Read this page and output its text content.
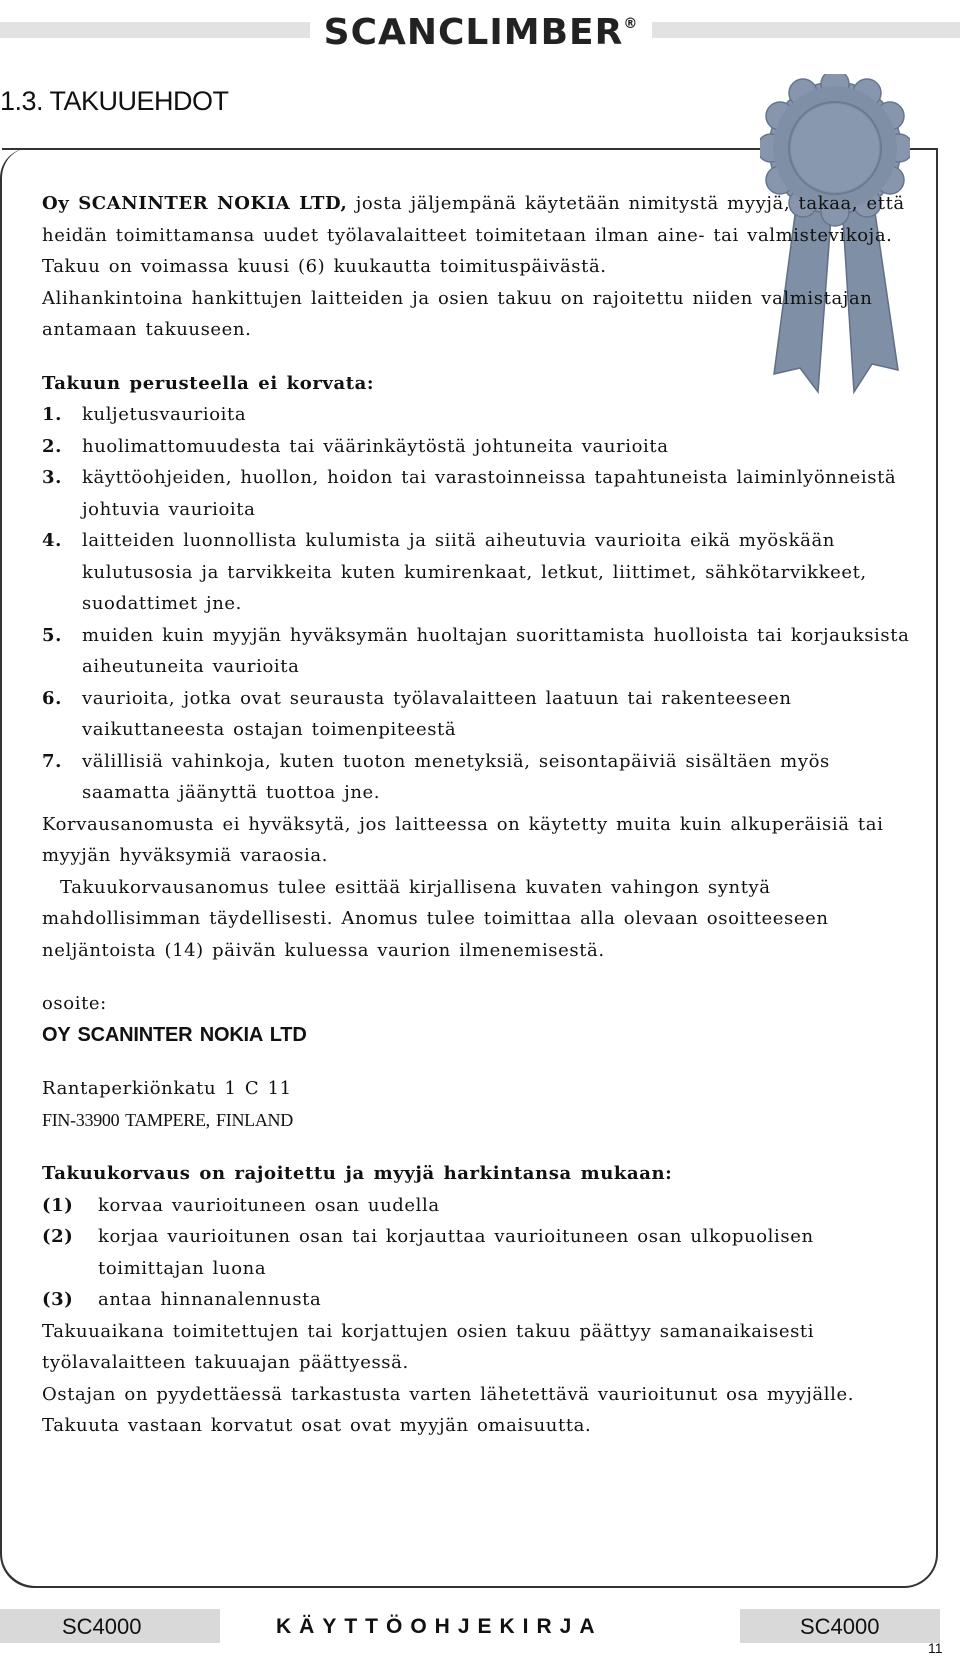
SCANCLIMBER®
1.3. TAKUUEHDOT

Oy SCANINTER NOKIA LTD, josta jäljempänä käytetään nimitystä myyjä, takaa, että heidän toimittamansa uudet työlavalaitteet toimitetaan ilman aine- tai valmistevikoja.

Takuu on voimassa kuusi (6) kuukautta toimituspäivästä.

Alihankintoina hankittujen laitteiden ja osien takuu on rajoitettu niiden valmistajan antamaan takuuseen.

Takuun perusteella ei korvata:

1.	kuljetusvaurioita
2.	huolimattomuudesta tai väärinkäytöstä johtuneita vaurioita
3.	käyttöohjeiden, huollon, hoidon tai varastoinneissa tapahtuneista laiminlyönneistä johtuvia vaurioita
4.	laitteiden luonnollista kulumista ja siitä aiheutuvia vaurioita eikä myöskään kulutusosia ja tarvikkeita kuten kumirenkaat, letkut, liittimet, sähkötarvikkeet, suodattimet jne.
5.	muiden kuin myyjän hyväksymän huoltajan suorittamista huolloista tai korjauksista aiheutuneita vaurioita
6.	vaurioita, jotka ovat seurausta työlavalaitteen laatuun tai rakenteeseen vaikuttaneesta ostajan toimenpiteestä
7.	välillisiä vahinkoja, kuten tuoton menetyksiä, seisontapäiviä sisältäen myös saamatta jäänyttä tuottoa jne.

Korvausanomusta ei hyväksytä, jos laitteessa on käytetty muita kuin alkuperäisiä tai myyjän hyväksymiä varaosia.

Takuukorvausanomus tulee esittää kirjallisena kuvaten vahingon syntyä mahdollisimman täydellisesti. Anomus tulee toimittaa alla olevaan osoitteeseen neljäntoista (14) päivän kuluessa vaurion ilmenemisestä.

osoite:

OY SCANINTER NOKIA LTD

Rantaperkiönkatu 1 C 11

FIN-33900 TAMPERE, FINLAND

Takuukorvaus on rajoitettu ja myyjä harkintansa mukaan:

(1)	korvaa vaurioituneen osan uudella
(2)	korjaa vaurioitunen osan tai korjauttaa vaurioituneen osan ulkopuolisen toimittajan luona
(3)	antaa hinnanalennusta

Takuuaikana toimitettujen tai korjattujen osien takuu päättyy samanaikaisesti työlavalaitteen takuuajan päättyessä.

Ostajan on pyydettäessä tarkastusta varten lähetettävä vaurioitunut osa myyjälle. Takuuta vastaan korvatut osat ovat myyjän omaisuutta.

SC4000	KÄYTTÖOHJEKIRJA	SC4000
11
